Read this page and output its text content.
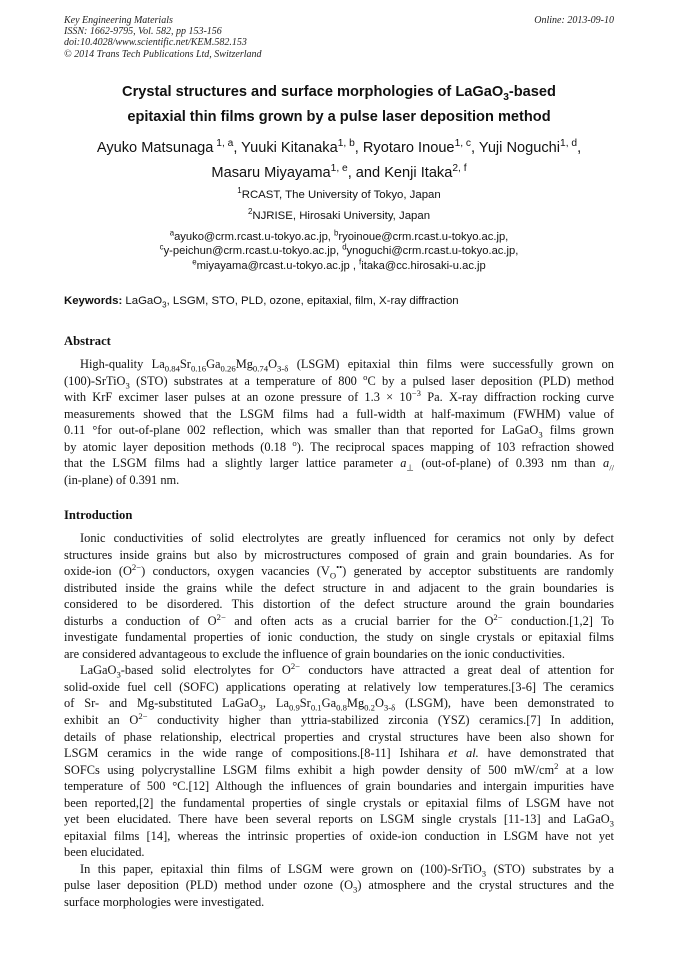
Key Engineering Materials
ISSN: 1662-9795, Vol. 582, pp 153-156
doi:10.4028/www.scientific.net/KEM.582.153
© 2014 Trans Tech Publications Ltd, Switzerland
Online: 2013-09-10
Crystal structures and surface morphologies of LaGaO$_3$-based
epitaxial thin films grown by a pulse laser deposition method
Ayuko Matsunaga $^{1, a}$, Yuuki Kitanaka$^{1, b}$, Ryotaro Inoue$^{1, c}$, Yuji Noguchi$^{1, d}$,
Masaru Miyayama$^{1, e}$, and Kenji Itaka$^{2, f}$
$^1$RCAST, The University of Tokyo, Japan
$^2$NJRISE, Hirosaki University, Japan
$^a$ayuko@crm.rcast.u-tokyo.ac.jp, $^b$ryoinoue@crm.rcast.u-tokyo.ac.jp,
$^c$y-peichun@crm.rcast.u-tokyo.ac.jp, $^d$ynoguchi@crm.rcast.u-tokyo.ac.jp,
$^e$miyayama@rcast.u-tokyo.ac.jp , $^f$itaka@cc.hirosaki-u.ac.jp
Keywords: LaGaO$_3$, LSGM, STO, PLD, ozone, epitaxial, film, X-ray diffraction
Abstract
High-quality $La_{0.84}Sr_{0.16}Ga_{0.26}Mg_{0.74}O_{3-\delta}$ (LSGM) epitaxial thin films were successfully grown on
(100)-SrTiO$_3$ (STO) substrates at a temperature of 800 $^o$C by a pulsed laser deposition (PLD) method
with KrF excimer laser pulses at an ozone pressure of $1.3 \times 10^{-3}$ Pa. X-ray diffraction rocking curve
measurements showed that the LSGM films had a full-width at half-maximum (FWHM) value of
0.11 °for out-of-plane 002 reflection, which was smaller than that reported for LaGaO$_3$ films grown
by atomic layer deposition methods (0.18 $^o$). The reciprocal spaces mapping of 103 refraction showed
that the LSGM films had a slightly larger lattice parameter $a_\perp$ (out-of-plane) of 0.393 nm than $a_{//}$
(in-plane) of 0.391 nm.
Introduction
Ionic conductivities of solid electrolytes are greatly influenced for ceramics not only by defect
structures inside grains but also by microstructures composed of grain and grain boundaries. As for
oxide-ion $(O^{2-})$ conductors, oxygen vacancies $(V_O^{••})$ generated by acceptor substituents are randomly
distributed inside the grains while the defect structure in and adjacent to the grain boundaries is
considered to be disordered. This distortion of the defect structure around the grain boundaries
disturbs a conduction of $O^{2-}$ and often acts as a crucial barrier for the $O^{2-}$ conduction.[1,2] To
investigate fundamental properties of ionic conduction, the study on single crystals or epitaxial films
are considered advantageous to exclude the influence of grain boundaries on the ionic conductivities.
LaGaO$_3$-based solid electrolytes for $O^{2-}$ conductors have attracted a great deal of attention for
solid-oxide fuel cell (SOFC) applications operating at relatively low temperatures.[3-6] The ceramics
of Sr- and Mg-substituted LaGaO$_3$, $La_{0.9}Sr_{0.1}Ga_{0.8}Mg_{0.2}O_{3-\delta}$ (LSGM), have been demonstrated to
exhibit an $O^{2-}$ conductivity higher than yttria-stabilized zirconia (YSZ) ceramics.[7] In addition,
details of phase relationship, electrical properties and crystal structures have been also shown for
LSGM ceramics in the wide range of compositions.[8-11] Ishihara et al. have demonstrated that
SOFCs using polycrystalline LSGM films exhibit a high powder density of 500 $mW/cm^2$ at a low
temperature of 500 °C.[12] Although the influences of grain boundaries and intergain impurities have
been reported,[2] the fundamental properties of single crystals or epitaxial films of LSGM have not
yet been elucidated. There have been several reports on LSGM single crystals [11-13] and LaGaO$_3$
epitaxial films [14], whereas the intrinsic properties of oxide-ion conduction in LSGM have not yet
been elucidated.
In this paper, epitaxial thin films of LSGM were grown on (100)-SrTiO$_3$ (STO) substrates by a
pulse laser deposition (PLD) method under ozone $(O_3)$ atmosphere and the crystal structures and the
surface morphologies were investigated.
